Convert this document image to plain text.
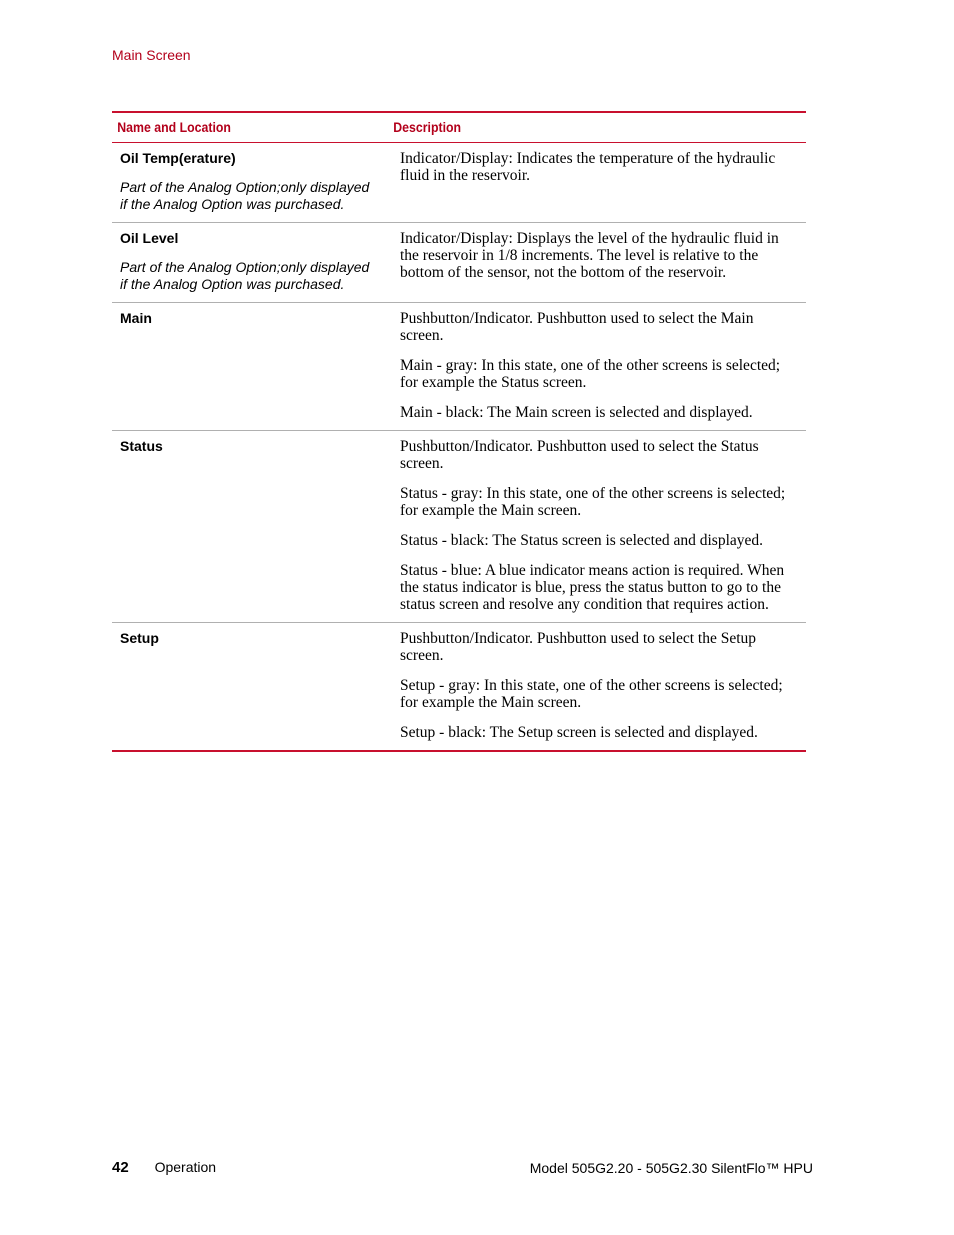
Main Screen
Name and Location	Description

Oil Temp(erature)
Part of the Analog Option;only displayed if the Analog Option was purchased.	Indicator/Display: Indicates the temperature of the hydraulic fluid in the reservoir.

Oil Level
Part of the Analog Option;only displayed if the Analog Option was purchased.	Indicator/Display: Displays the level of the hydraulic fluid in the reservoir in 1/8 increments. The level is relative to the bottom of the sensor, not the bottom of the reservoir.

Main	Pushbutton/Indicator. Pushbutton used to select the Main screen.

Main - gray: In this state, one of the other screens is selected; for example the Status screen.

Main - black: The Main screen is selected and displayed.

Status	Pushbutton/Indicator. Pushbutton used to select the Status screen.

Status - gray: In this state, one of the other screens is selected; for example the Main screen.

Status - black: The Status screen is selected and displayed.

Status - blue: A blue indicator means action is required. When the status indicator is blue, press the status button to go to the status screen and resolve any condition that requires action.

Setup	Pushbutton/Indicator. Pushbutton used to select the Setup screen.

Setup - gray: In this state, one of the other screens is selected; for example the Main screen.

Setup - black: The Setup screen is selected and displayed.

42 Operation	Model 505G2.20 - 505G2.30 SilentFlo™ HPU
